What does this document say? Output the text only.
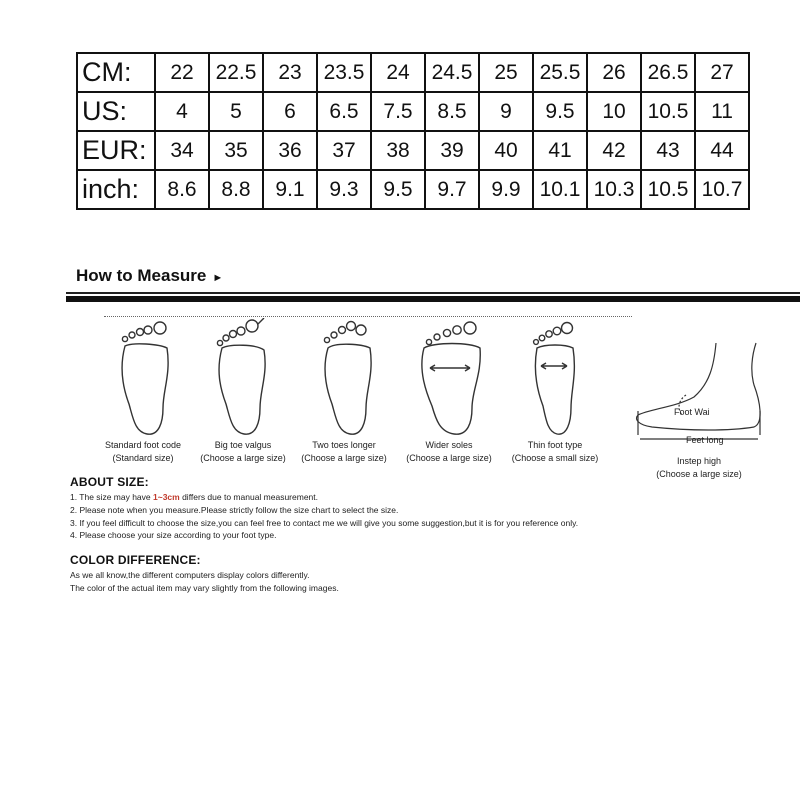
CM:	22	22.5	23	23.5	24	24.5	25	25.5	26	26.5	27
US:	4	5	6	6.5	7.5	8.5	9	9.5	10	10.5	11
EUR:	34	35	36	37	38	39	40	41	42	43	44
inch:	8.6	8.8	9.1	9.3	9.5	9.7	9.9	10.1	10.3	10.5	10.7
How to Measure ►
Standard foot code
(Standard size)
Big toe valgus
(Choose a large size)
Two toes longer
(Choose a large size)
Wider soles
(Choose a large size)
Thin foot type
(Choose a small size)
Foot Wai
Feet long
Instep high
(Choose a large size)
ABOUT SIZE:
1. The size may have 1~3cm differs due to manual measurement.
2. Please note when you measure.Please strictly follow the size chart to select the size.
3. If you feel difficult to choose the size,you can feel free to contact me we will give you some suggestion,but it is for you reference only.
4. Please choose your size according to your foot type.
COLOR DIFFERENCE:
As we all know,the different computers display colors differently.
The color of the actual item may vary slightly from the following images.
